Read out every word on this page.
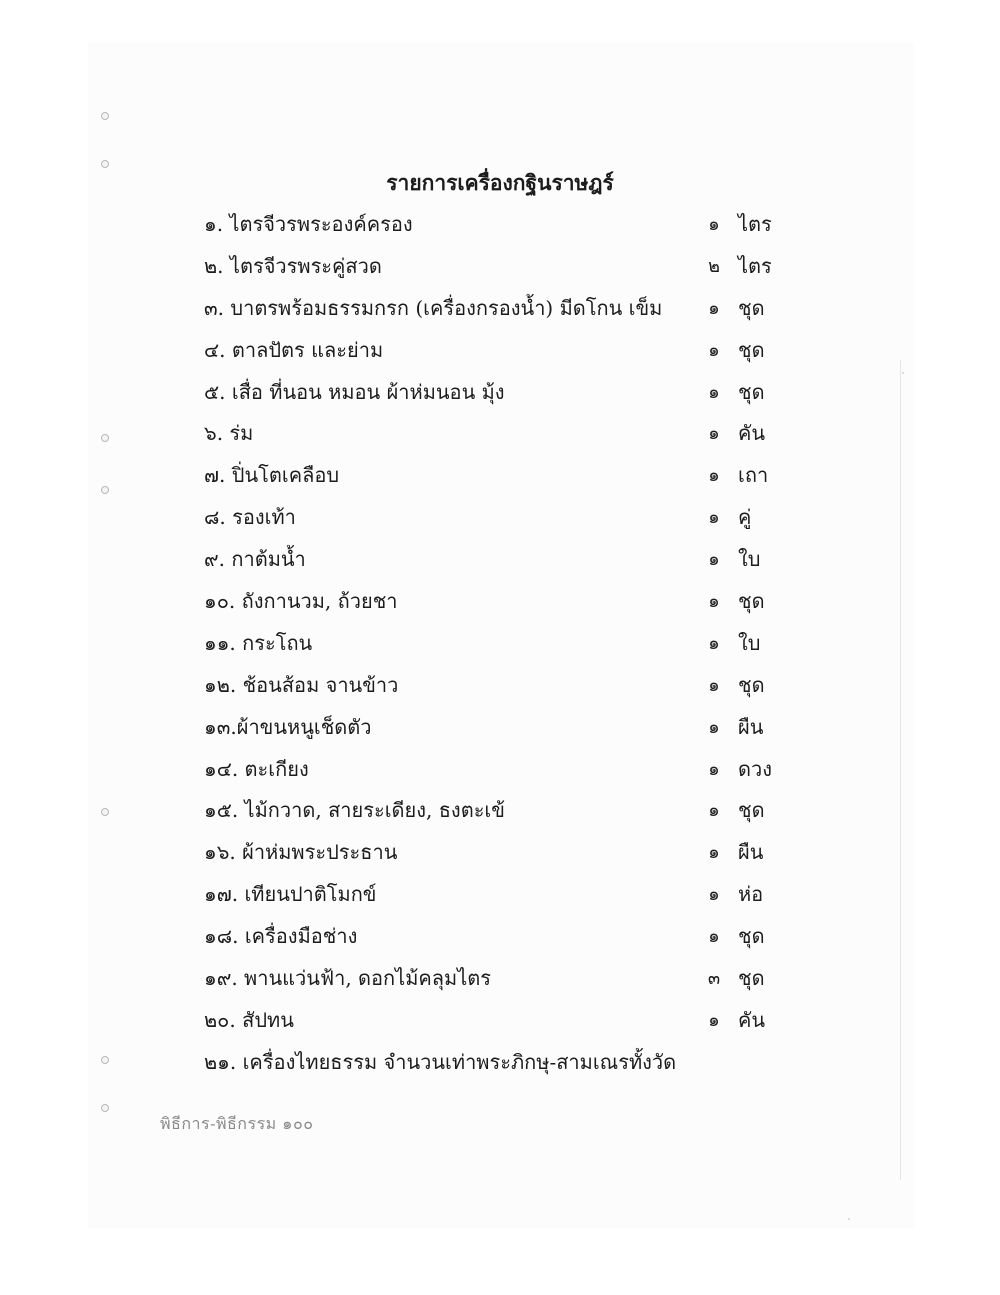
รายการเครื่องกฐินราษฎร์
๑. ไตรจีวรพระองค์ครอง	๑ ไตร
๒. ไตรจีวรพระคู่สวด	๒ ไตร
๓. บาตรพร้อมธรรมกรก (เครื่องกรองน้ำ) มีดโกน เข็ม	๑ ชุด
๔. ตาลปัตร และย่าม	๑ ชุด
๕. เสื่อ ที่นอน หมอน ผ้าห่มนอน มุ้ง	๑ ชุด
๖. ร่ม	๑ คัน
๗. ปิ่นโตเคลือบ	๑ เถา
๘. รองเท้า	๑ คู่
๙. กาต้มน้ำ	๑ ใบ
๑๐. ถังกานวม, ถ้วยชา	๑ ชุด
๑๑. กระโถน	๑ ใบ
๑๒. ช้อนส้อม จานข้าว	๑ ชุด
๑๓.ผ้าขนหนูเช็ดตัว	๑ ผืน
๑๔. ตะเกียง	๑ ดวง
๑๕. ไม้กวาด, สายระเดียง, ธงตะเข้	๑ ชุด
๑๖. ผ้าห่มพระประธาน	๑ ผืน
๑๗. เทียนปาติโมกข์	๑ ห่อ
๑๘. เครื่องมือช่าง	๑ ชุด
๑๙. พานแว่นฟ้า, ดอกไม้คลุมไตร	๓ ชุด
๒๐. สัปทน	๑ คัน
๒๑. เครื่องไทยธรรม จำนวนเท่าพระภิกษุ-สามเณรทั้งวัด
พิธีการ-พิธีกรรม ๑๐๐
